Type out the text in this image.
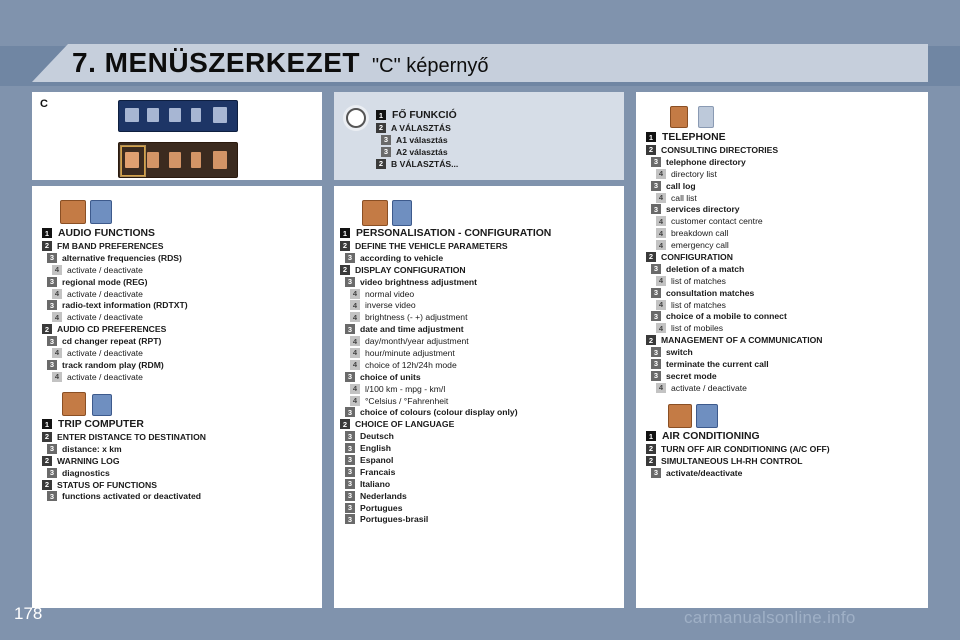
7. MENÜSZERKEZET "C" képernyő
C
1 FŐ FUNKCIÓ
2 A VÁLASZTÁS
3 A1 választás
3 A2 választás
2 B VÁLASZTÁS...
1 AUDIO FUNCTIONS
2 FM BAND PREFERENCES
3 alternative frequencies (RDS)
4 activate / deactivate
3 regional mode (REG)
4 activate / deactivate
3 radio-text information (RDTXT)
4 activate / deactivate
2 AUDIO CD PREFERENCES
3 cd changer repeat (RPT)
4 activate / deactivate
3 track random play (RDM)
4 activate / deactivate
1 TRIP COMPUTER
2 ENTER DISTANCE TO DESTINATION
3 distance: x km
2 WARNING LOG
3 diagnostics
2 STATUS OF FUNCTIONS
3 functions activated or deactivated
1 PERSONALISATION - CONFIGURATION
2 DEFINE THE VEHICLE PARAMETERS
3 according to vehicle
2 DISPLAY CONFIGURATION
3 video brightness adjustment
4 normal video
4 inverse video
4 brightness (- +) adjustment
3 date and time adjustment
4 day/month/year adjustment
4 hour/minute adjustment
4 choice of 12h/24h mode
3 choice of units
4 l/100 km - mpg - km/l
4 °Celsius / °Fahrenheit
3 choice of colours (colour display only)
2 CHOICE OF LANGUAGE
3 Deutsch
3 English
3 Espanol
3 Francais
3 Italiano
3 Nederlands
3 Portugues
3 Portugues-brasil
1 TELEPHONE
2 CONSULTING DIRECTORIES
3 telephone directory
4 directory list
3 call log
4 call list
3 services directory
4 customer contact centre
4 breakdown call
4 emergency call
2 CONFIGURATION
3 deletion of a match
4 list of matches
3 consultation matches
4 list of matches
3 choice of a mobile to connect
4 list of mobiles
2 MANAGEMENT OF A COMMUNICATION
3 switch
3 terminate the current call
3 secret mode
4 activate / deactivate
1 AIR CONDITIONING
2 TURN OFF AIR CONDITIONING (A/C OFF)
2 SIMULTANEOUS LH-RH CONTROL
3 activate/deactivate
178	carmanualsonline.info
